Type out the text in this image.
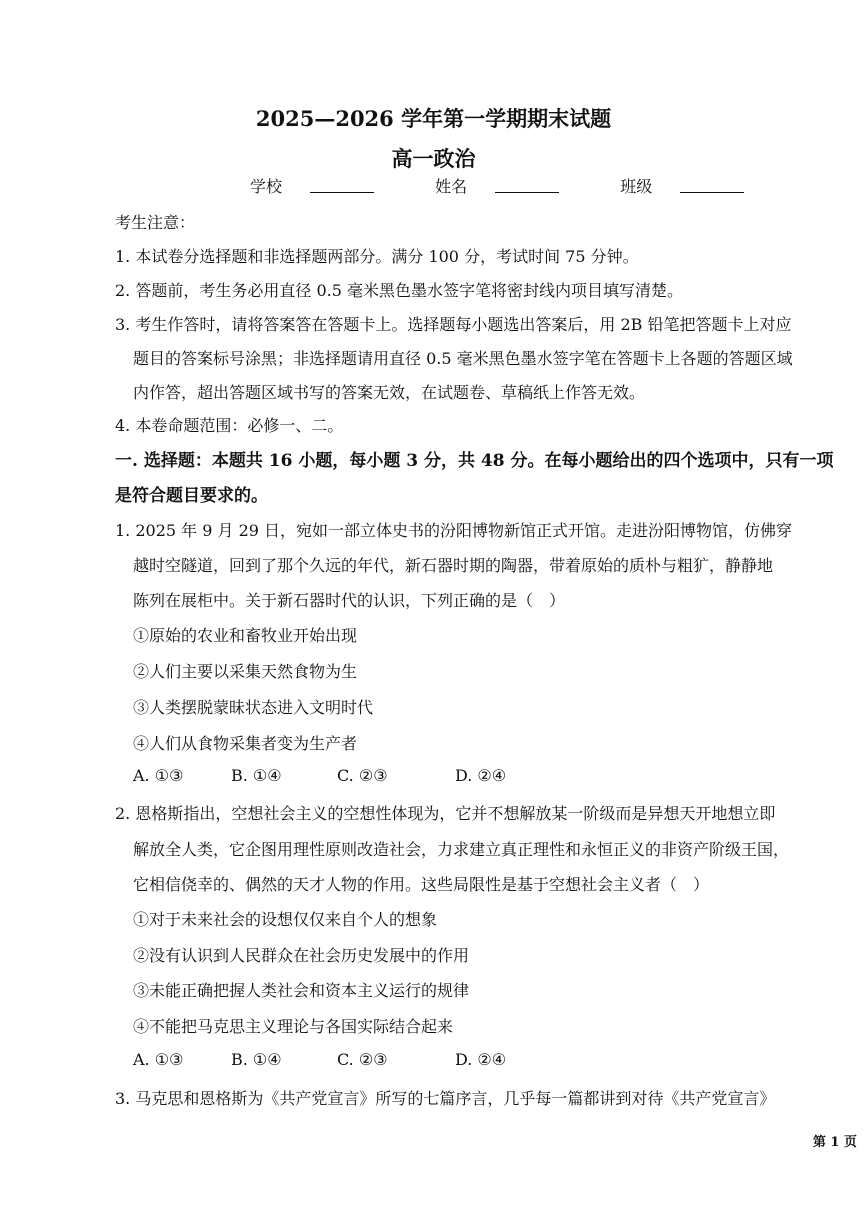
2025—2026 学年第一学期期末试题
高一政治
学校	姓名	班级
考生注意：
1. 本试卷分选择题和非选择题两部分。满分 100 分，考试时间 75 分钟。
2. 答题前，考生务必用直径 0.5 毫米黑色墨水签字笔将密封线内项目填写清楚。
3. 考生作答时，请将答案答在答题卡上。选择题每小题选出答案后，用 2B 铅笔把答题卡上对应
题目的答案标号涂黑；非选择题请用直径 0.5 毫米黑色墨水签字笔在答题卡上各题的答题区域
内作答，超出答题区域书写的答案无效，在试题卷、草稿纸上作答无效。
4. 本卷命题范围：必修一、二。
一. 选择题：本题共 16 小题，每小题 3 分，共 48 分。在每小题给出的四个选项中，只有一项
是符合题目要求的。
1. 2025 年 9 月 29 日，宛如一部立体史书的汾阳博物新馆正式开馆。走进汾阳博物馆，仿佛穿
越时空隧道，回到了那个久远的年代，新石器时期的陶器，带着原始的质朴与粗犷，静静地
陈列在展柜中。关于新石器时代的认识，下列正确的是（　）
①原始的农业和畜牧业开始出现
②人们主要以采集天然食物为生
③人类摆脱蒙昧状态进入文明时代
④人们从食物采集者变为生产者
A. ①③	B. ①④	C. ②③	D. ②④
2. 恩格斯指出，空想社会主义的空想性体现为，它并不想解放某一阶级而是异想天开地想立即
解放全人类，它企图用理性原则改造社会，力求建立真正理性和永恒正义的非资产阶级王国，
它相信侥幸的、偶然的天才人物的作用。这些局限性是基于空想社会主义者（　）
①对于未来社会的设想仅仅来自个人的想象
②没有认识到人民群众在社会历史发展中的作用
③未能正确把握人类社会和资本主义运行的规律
④不能把马克思主义理论与各国实际结合起来
A. ①③	B. ①④	C. ②③	D. ②④
3. 马克思和恩格斯为《共产党宣言》所写的七篇序言，几乎每一篇都讲到对待《共产党宣言》
第 1 页
